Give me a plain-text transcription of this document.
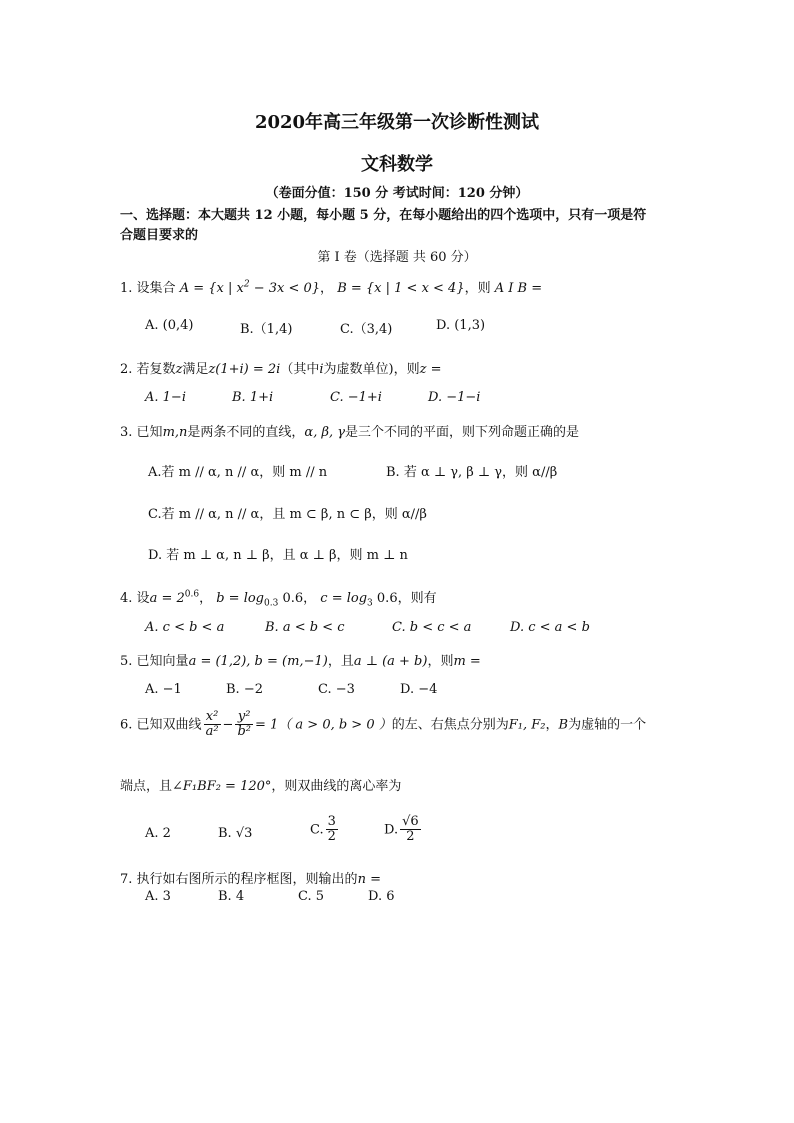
2020年高三年级第一次诊断性测试
文科数学
（卷面分值：150 分 考试时间：120 分钟）
一、选择题：本大题共 12 小题，每小题 5 分，在每小题给出的四个选项中，只有一项是符
合题目要求的
第 I 卷（选择题 共 60 分）
1. 设集合 A = {x | $x^2 - 3x < 0$}， B = {x | 1 < x < 4}，则 A I B =
A. (0,4)	B.（1,4)	C.（3,4)	D. (1,3)
2. 若复数z满足z(1+i) = 2i（其中i为虚数单位)，则z =
A. 1−i	B. 1+i	C. −1+i	D. −1−i
3. 已知m,n是两条不同的直线，α, β, γ是三个不同的平面，则下列命题正确的是
A.若 m // α, n // α，则 m // n	B. 若 α ⊥ γ, β ⊥ γ，则 α//β
C.若 m // α, n // α，且 m ⊂ β, n ⊂ β，则 α//β
D. 若 m ⊥ α, n ⊥ β，且 α ⊥ β，则 m ⊥ n
4. 设$a = 2^{0.6}$， $b = \log_{0.3} 0.6$， $c = \log_3 0.6$，则有
A. c < b < a	B. a < b < c	C. b < c < a	D. c < a < b
5. 已知向量a = (1,2), b = (m,−1)，且a ⊥ (a + b)，则m =
A. −1	B. −2	C. −3	D. −4
6. 已知双曲线 $\frac{\text{x²}}{\text{a²}} - \frac{\text{y²}}{\text{b²}} = 1$（ a > 0, b > 0 ）的左、右焦点分别为F₁, F₂，B为虚轴的一个
端点，且∠F₁BF₂ = 120°，则双曲线的离心率为
A. 2	B. √3	C. $\frac{3}{2}$	D. $\frac{√6}{2}$
7. 执行如右图所示的程序框图，则输出的n =
A. 3	B. 4	C. 5	D. 6
